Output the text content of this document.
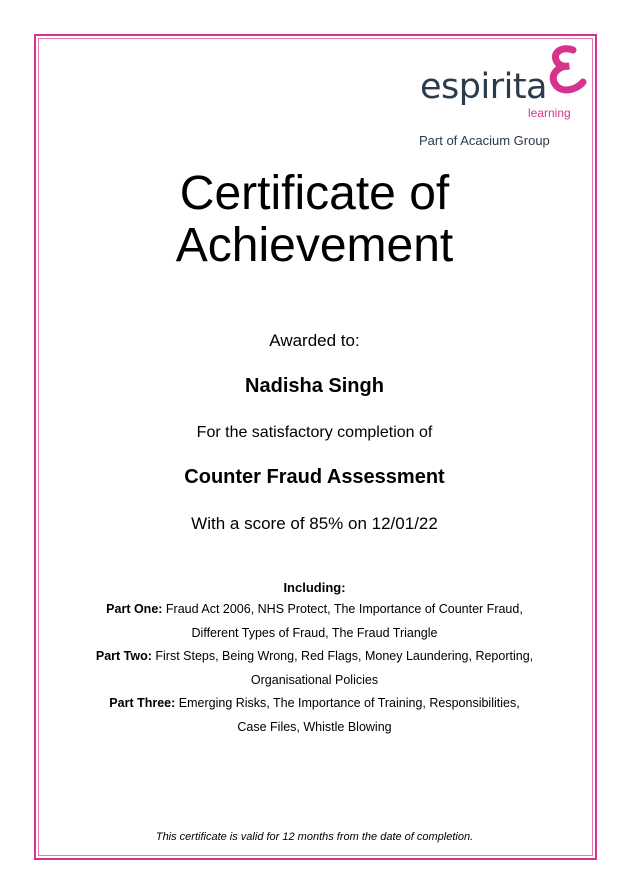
espirita
learning
Part of Acacium Group
Certificate of
Achievement
Awarded to:
Nadisha Singh
For the satisfactory completion of
Counter Fraud Assessment
With a score of 85% on 12/01/22
Including:
Part One: Fraud Act 2006, NHS Protect, The Importance of Counter Fraud,
Different Types of Fraud, The Fraud Triangle
Part Two: First Steps, Being Wrong, Red Flags, Money Laundering, Reporting,
Organisational Policies
Part Three: Emerging Risks, The Importance of Training, Responsibilities,
Case Files, Whistle Blowing
This certificate is valid for 12 months from the date of completion.
